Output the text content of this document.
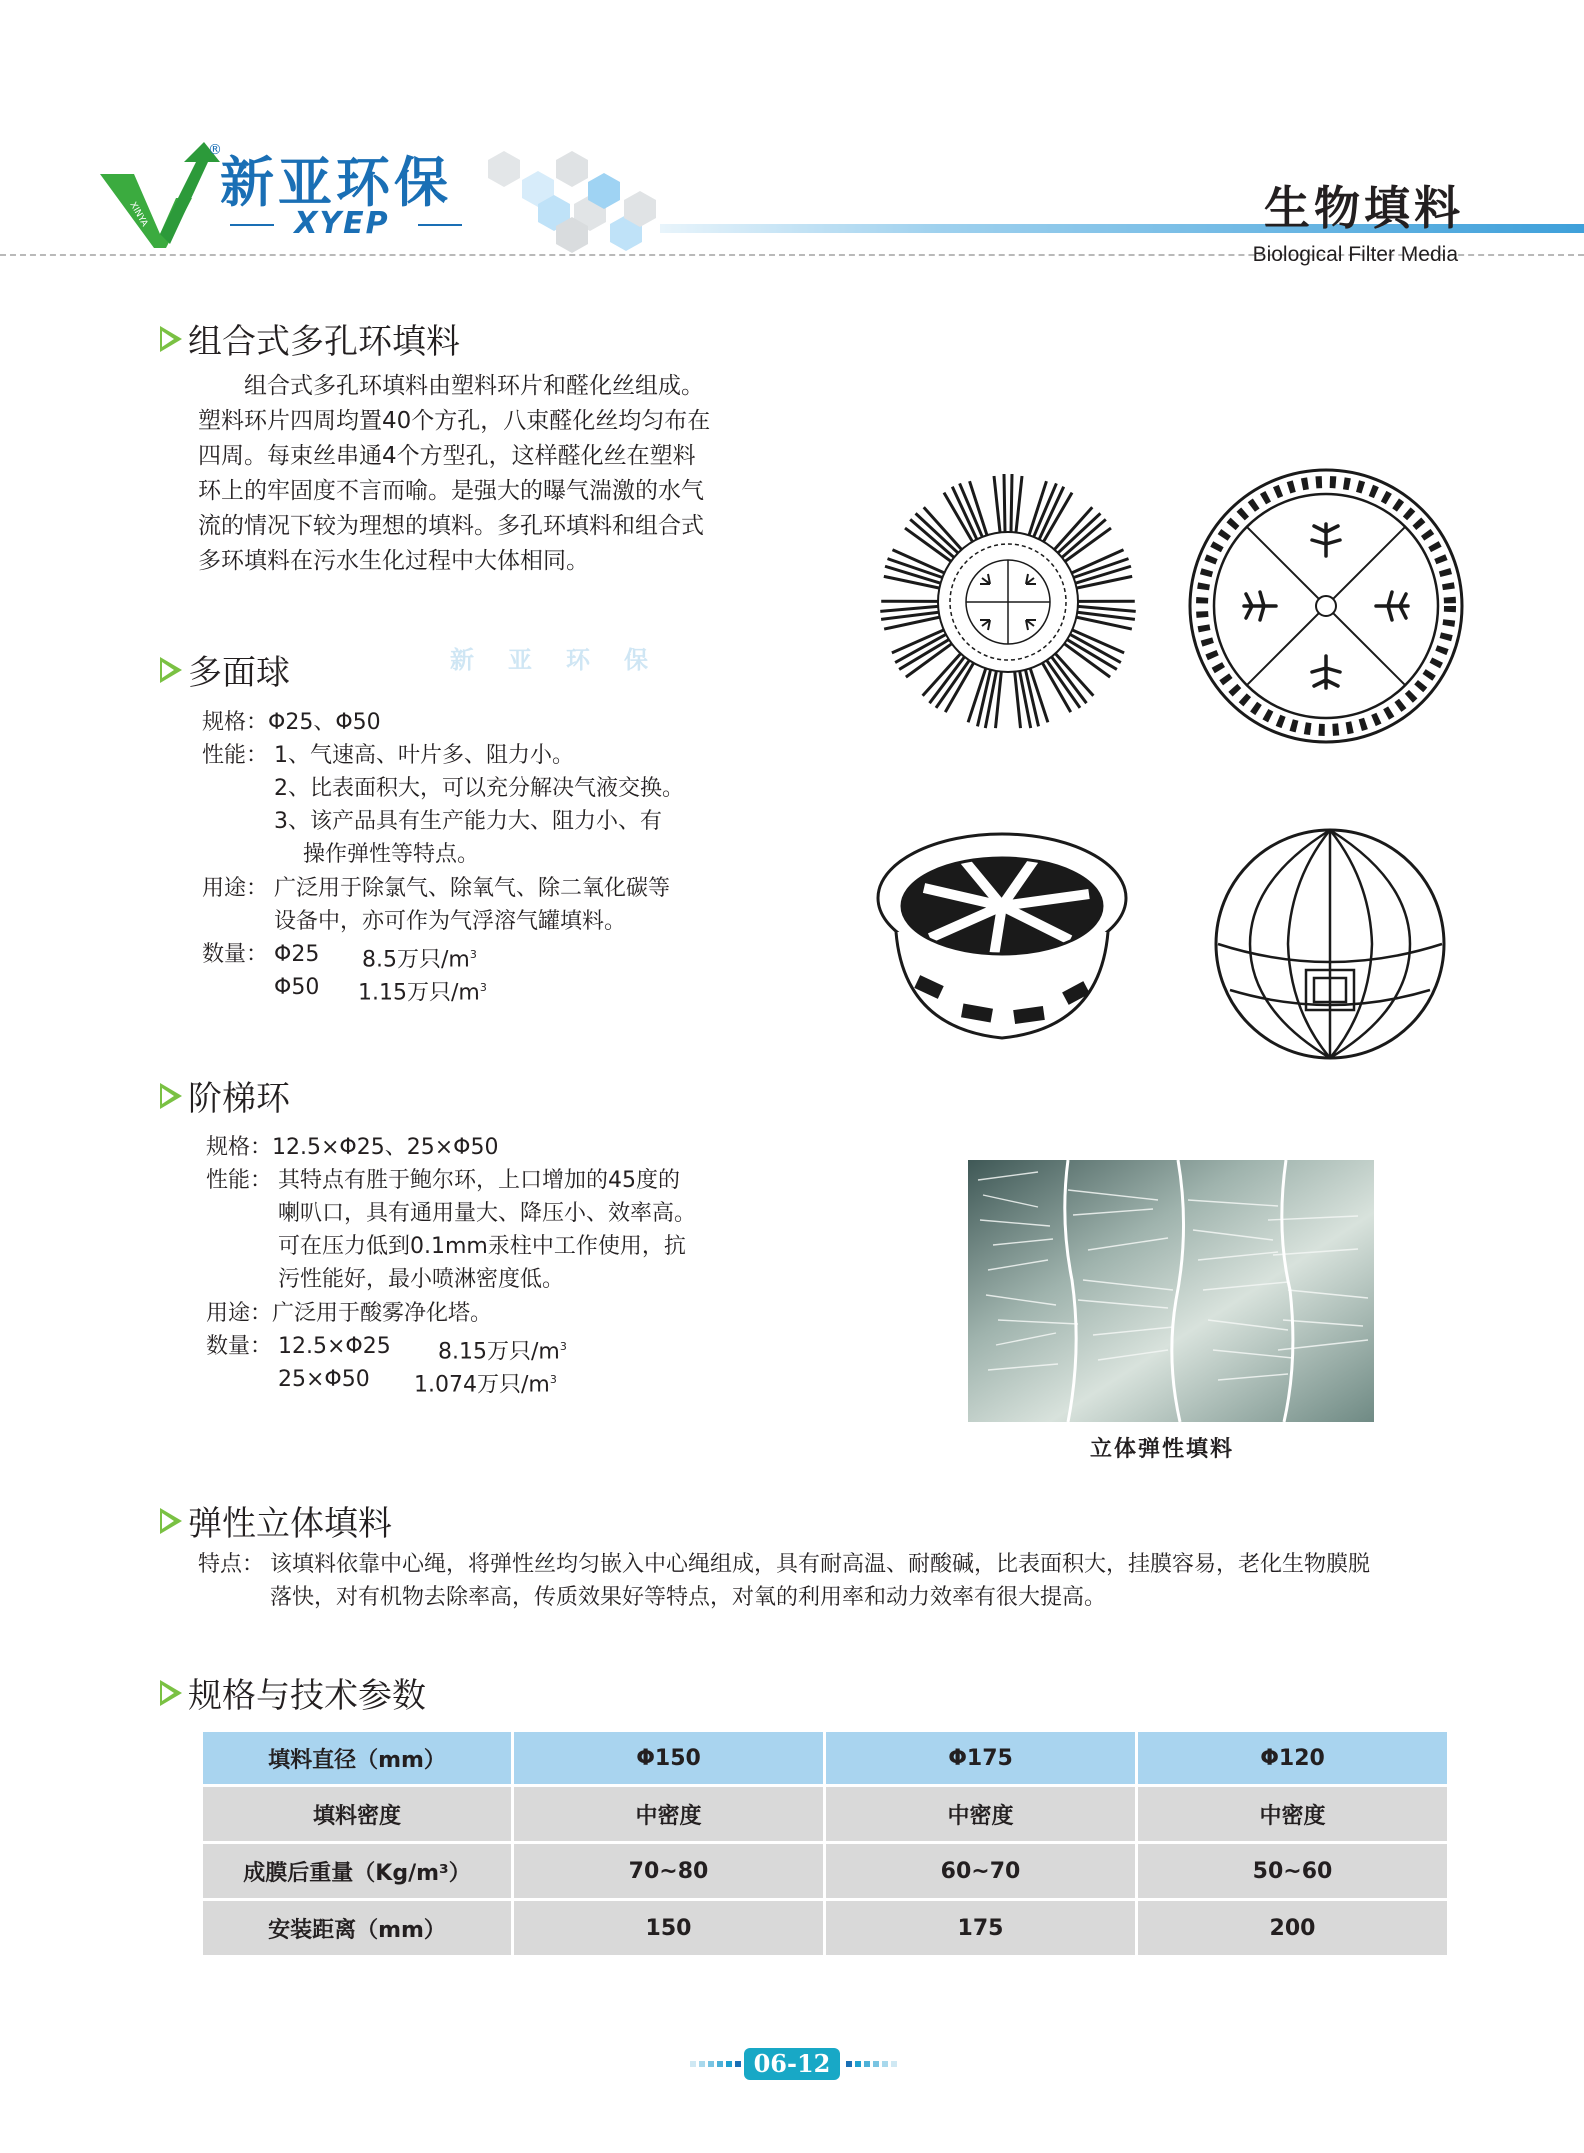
XINYA
®
新亚环保
XYEP	生物填料
Biological Filter Media
组合式多孔环填料
　　组合式多孔环填料由塑料环片和醛化丝组成。
塑料环片四周均置40个方孔，八束醛化丝均匀布在
四周。每束丝串通4个方型孔，这样醛化丝在塑料
环上的牢固度不言而喻。是强大的曝气湍激的水气
流的情况下较为理想的填料。多孔环填料和组合式
多环填料在污水生化过程中大体相同。
新亚环保
多面球
规格：Φ25、Φ50
性能： 1、气速高、叶片多、阻力小。
2、比表面积大，可以充分解决气液交换。
3、该产品具有生产能力大、阻力小、有
　 操作弹性等特点。
用途： 广泛用于除氯气、除氧气、除二氧化碳等
设备中，亦可作为气浮溶气罐填料。
数量： Φ25 8.5万只$/m^3$
Φ50 1.15万只$/m^3$
阶梯环
规格：12.5×Φ25、25×Φ50
性能： 其特点有胜于鲍尔环，上口增加的45度的
喇叭口，具有通用量大、降压小、效率高。
可在压力低到0.1mm汞柱中工作使用，抗
污性能好，最小喷淋密度低。
用途：广泛用于酸雾净化塔。
数量： 12.5×Φ25 8.15万只$/m^3$
25×Φ50 1.074万只$/m^3$
立体弹性填料
弹性立体填料
特点： 该填料依靠中心绳，将弹性丝均匀嵌入中心绳组成，具有耐高温、耐酸碱，比表面积大，挂膜容易，老化生物膜脱
落快，对有机物去除率高，传质效果好等特点，对氧的利用率和动力效率有很大提高。
规格与技术参数
填料直径（mm）	Φ150	Φ175	Φ120
填料密度	中密度	中密度	中密度
成膜后重量（Kg/m³）	70~80	60~70	50~60
安装距离（mm）	150	175	200
06-12
